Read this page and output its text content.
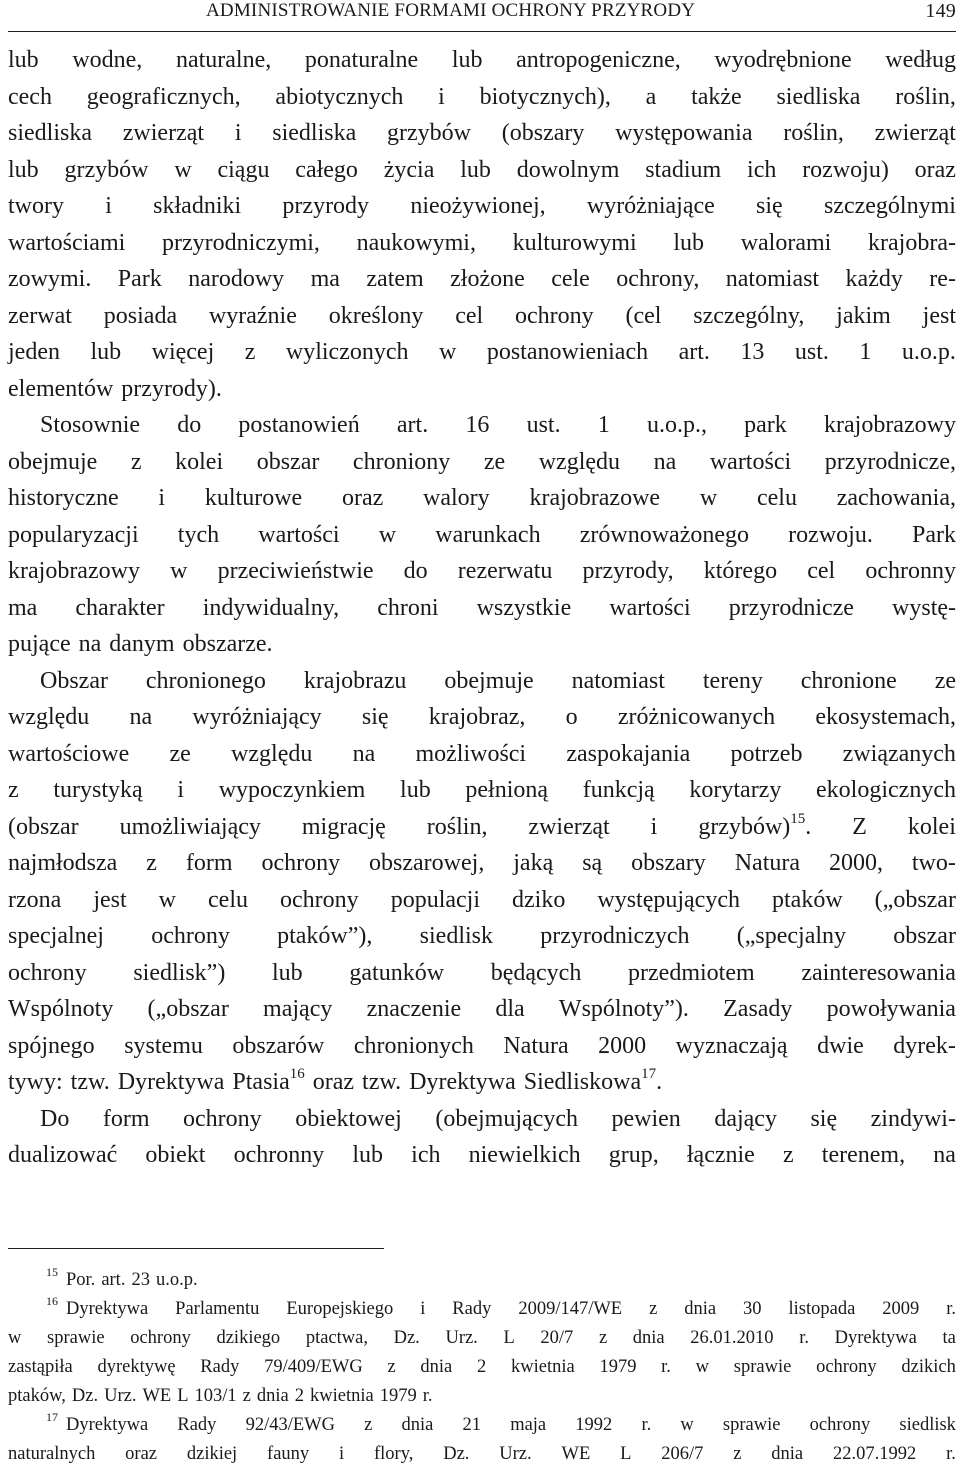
ADMINISTROWANIE FORMAMI OCHRONY PRZYRODY	149
lub wodne, naturalne, ponaturalne lub antropogeniczne, wyodrębnione według
cech geograficznych, abiotycznych i biotycznych), a także siedliska roślin,
siedliska zwierząt i siedliska grzybów (obszary występowania roślin, zwierząt
lub grzybów w ciągu całego życia lub dowolnym stadium ich rozwoju) oraz
twory i składniki przyrody nieożywionej, wyróżniające się szczególnymi
wartościami przyrodniczymi, naukowymi, kulturowymi lub walorami krajobra-
zowymi. Park narodowy ma zatem złożone cele ochrony, natomiast każdy re-
zerwat posiada wyraźnie określony cel ochrony (cel szczególny, jakim jest
jeden lub więcej z wyliczonych w postanowieniach art. 13 ust. 1 u.o.p.
elementów przyrody).
Stosownie do postanowień art. 16 ust. 1 u.o.p., park krajobrazowy
obejmuje z kolei obszar chroniony ze względu na wartości przyrodnicze,
historyczne i kulturowe oraz walory krajobrazowe w celu zachowania,
popularyzacji tych wartości w warunkach zrównoważonego rozwoju. Park
krajobrazowy w przeciwieństwie do rezerwatu przyrody, którego cel ochronny
ma charakter indywidualny, chroni wszystkie wartości przyrodnicze wystę-
pujące na danym obszarze.
Obszar chronionego krajobrazu obejmuje natomiast tereny chronione ze
względu na wyróżniający się krajobraz, o zróżnicowanych ekosystemach,
wartościowe ze względu na możliwości zaspokajania potrzeb związanych
z turystyką i wypoczynkiem lub pełnioną funkcją korytarzy ekologicznych
(obszar umożliwiający migrację roślin, zwierząt i grzybów)$^{15}$. Z kolei
najmłodsza z form ochrony obszarowej, jaką są obszary Natura 2000, two-
rzona jest w celu ochrony populacji dziko występujących ptaków („obszar
specjalnej ochrony ptaków”), siedlisk przyrodniczych („specjalny obszar
ochrony siedlisk”) lub gatunków będących przedmiotem zainteresowania
Wspólnoty („obszar mający znaczenie dla Wspólnoty”). Zasady powoływania
spójnego systemu obszarów chronionych Natura 2000 wyznaczają dwie dyrek-
tywy: tzw. Dyrektywa Ptasia$^{16}$ oraz tzw. Dyrektywa Siedliskowa$^{17}$.
Do form ochrony obiektowej (obejmujących pewien dający się zindywi-
dualizować obiekt ochronny lub ich niewielkich grup, łącznie z terenem, na
$^{15}$ Por. art. 23 u.o.p.
$^{16}$ Dyrektywa Parlamentu Europejskiego i Rady 2009/147/WE z dnia 30 listopada 2009 r.
w sprawie ochrony dzikiego ptactwa, Dz. Urz. L 20/7 z dnia 26.01.2010 r. Dyrektywa ta
zastąpiła dyrektywę Rady 79/409/EWG z dnia 2 kwietnia 1979 r. w sprawie ochrony dzikich
ptaków, Dz. Urz. WE L 103/1 z dnia 2 kwietnia 1979 r.
$^{17}$ Dyrektywa Rady 92/43/EWG z dnia 21 maja 1992 r. w sprawie ochrony siedlisk
naturalnych oraz dzikiej fauny i flory, Dz. Urz. WE L 206/7 z dnia 22.07.1992 r.
